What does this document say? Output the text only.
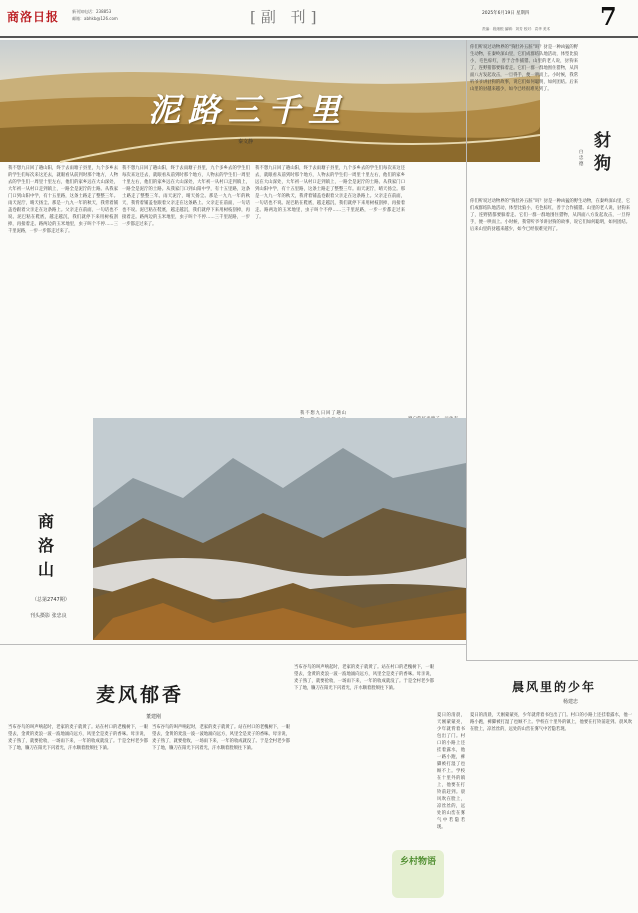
商洛日报	新刊知电话：238853
邮箱：abhkb@126.com	[副 刊]	2025年6月19日 星期四
责编：段绪根 编辑：刘芳 校对：袁华 美术 7
泥路三千里
秦文静
我不想九日回了趟山阳，终于去雨塘子县里，九个多乡去的学生们每次来这还去，就眼看从前到时那个地方，人物去的学生们一周里十里左右，他们的家乡远在大山深处，大年初一从村口走到镇上，一路全是泥泞的土路。从我家门口到山阳中学，有十五里路，这条土路走了整整三年。雨天泥泞，晴天扬尘。那是一九九一年的秋天，我背着铺盖卷跟着父亲走在这条路上。父亲走在前面，一句话也不说。泥巴粘在鞋底，越走越沉，我们就停下来用树枝刮掉，再接着走。路两边的玉米地里，虫子叫个不停……三千里泥路，一步一步都走过来了。
我不想九日回了趟山阳，终于去雨塘子县里，九个多乡去的学生们每次来这还去，就眼看从前到时那个地方，人物去的学生们一周里十里左右，他们的家乡远在大山深处，大年初一从村口走到镇上，一路全是泥泞的土路。从我家门口到山阳中学，有十五里路，这条土路走了整整三年。雨天泥泞，晴天扬尘。那是一九九一年的秋天，我背着铺盖卷跟着父亲走在这条路上。父亲走在前面，一句话也不说。泥巴粘在鞋底，越走越沉，我们就停下来用树枝刮掉，再接着走。路两边的玉米地里，虫子叫个不停……三千里泥路，一步一步都走过来了。
我不想九日回了趟山阳，终于去雨塘子县里，九个多乡去的学生们每次来这还去，就眼看从前到时那个地方，人物去的学生们一周里十里左右，他们的家乡远在大山深处，大年初一从村口走到镇上，一路全是泥泞的土路。从我家门口到山阳中学，有十五里路，这条土路走了整整三年。雨天泥泞，晴天扬尘。那是一九九一年的秋天，我背着铺盖卷跟着父亲走在这条路上。父亲走在前面，一句话也不说。泥巴粘在鞋底，越走越沉，我们就停下来用树枝刮掉，再接着走。路两边的玉米地里，虫子叫个不停……三千里泥路，一步一步都走过来了。
豺狗
白忠德
你们听说过动物界的“狗肚补五脏”吗？豺是一种凶猛的野生动物，在秦岭深山里，它们成群结队地活动，体型比狼小，毛色棕红，善于合作捕猎。山里的老人说，豺狗来了，连野猪都要躲着走。它们一群一群地围住猎物，从四面八方发起攻击，一旦得手，便一哄而上。小时候，我常听爷爷讲豺狗的故事，说它们如何聪明，如何团结。后来山里的豺越来越少，如今已经很难见到了。
你们听说过动物界的“狗肚补五脏”吗？豺是一种凶猛的野生动物，在秦岭深山里，它们成群结队地活动，体型比狼小，毛色棕红，善于合作捕猎。山里的老人说，豺狗来了，连野猪都要躲着走。它们一群一群地围住猎物，从四面八方发起攻击，一旦得手，便一哄而上。小时候，我常听爷爷讲豺狗的故事，说它们如何聪明，如何团结。后来山里的豺越来越少，如今已经很难见到了。
我不想九日回了趟山
商洛山
（总第2747期）
刊头摄影 张忠良
麦风郁香
董建刚
当布谷鸟的叫声响起时，老家的麦子就黄了。站在村口的老槐树下，一眼望去，金黄的麦浪一波一波地涌向远方，风里全是麦子的香味。母亲说，麦子熟了，就要抢收，一场雨下来，一年的收成就没了。于是全村老少都下了地，镰刀在阳光下闪着光，汗水顺着脸颊往下淌。
当布谷鸟的叫声响起时，老家的麦子就黄了。站在村口的老槐树下，一眼望去，金黄的麦浪一波一波地涌向远方，风里全是麦子的香味。母亲说，麦子熟了，就要抢收，一场雨下来，一年的收成就没了。于是全村老少都下了地，镰刀在阳光下闪着光，汗水顺着脸颊往下淌。
当布谷鸟的叫声响起时，老家的麦子就黄了。站在村口的老槐树下，一眼望去，金黄的麦浪一波一波地涌向远方，风里全是麦子的香味。母亲说，麦子熟了，就要抢收，一场雨下来，一年的收成就没了。于是全村老少都下了地，镰刀在阳光下闪着光，汗水顺着脸颊往下淌。
乡村物语
晨风里的少年
杨建忠
夏日的清晨，天刚蒙蒙亮，少年就背着书包出了门。村口的小路上还挂着露水，他一路小跑，裤脚被打湿了也顾不上。学校在十里外的镇上，他要在打铃前赶到。晨风吹在脸上，凉丝丝的，远处的山峦在雾气中若隐若现。
夏日的清晨，天刚蒙蒙亮，少年就背着书包出了门。村口的小路上还挂着露水，他一路小跑，裤脚被打湿了也顾不上。学校在十里外的镇上，他要在打铃前赶到。晨风吹在脸上，凉丝丝的，远处的山峦在雾气中若隐若现。
